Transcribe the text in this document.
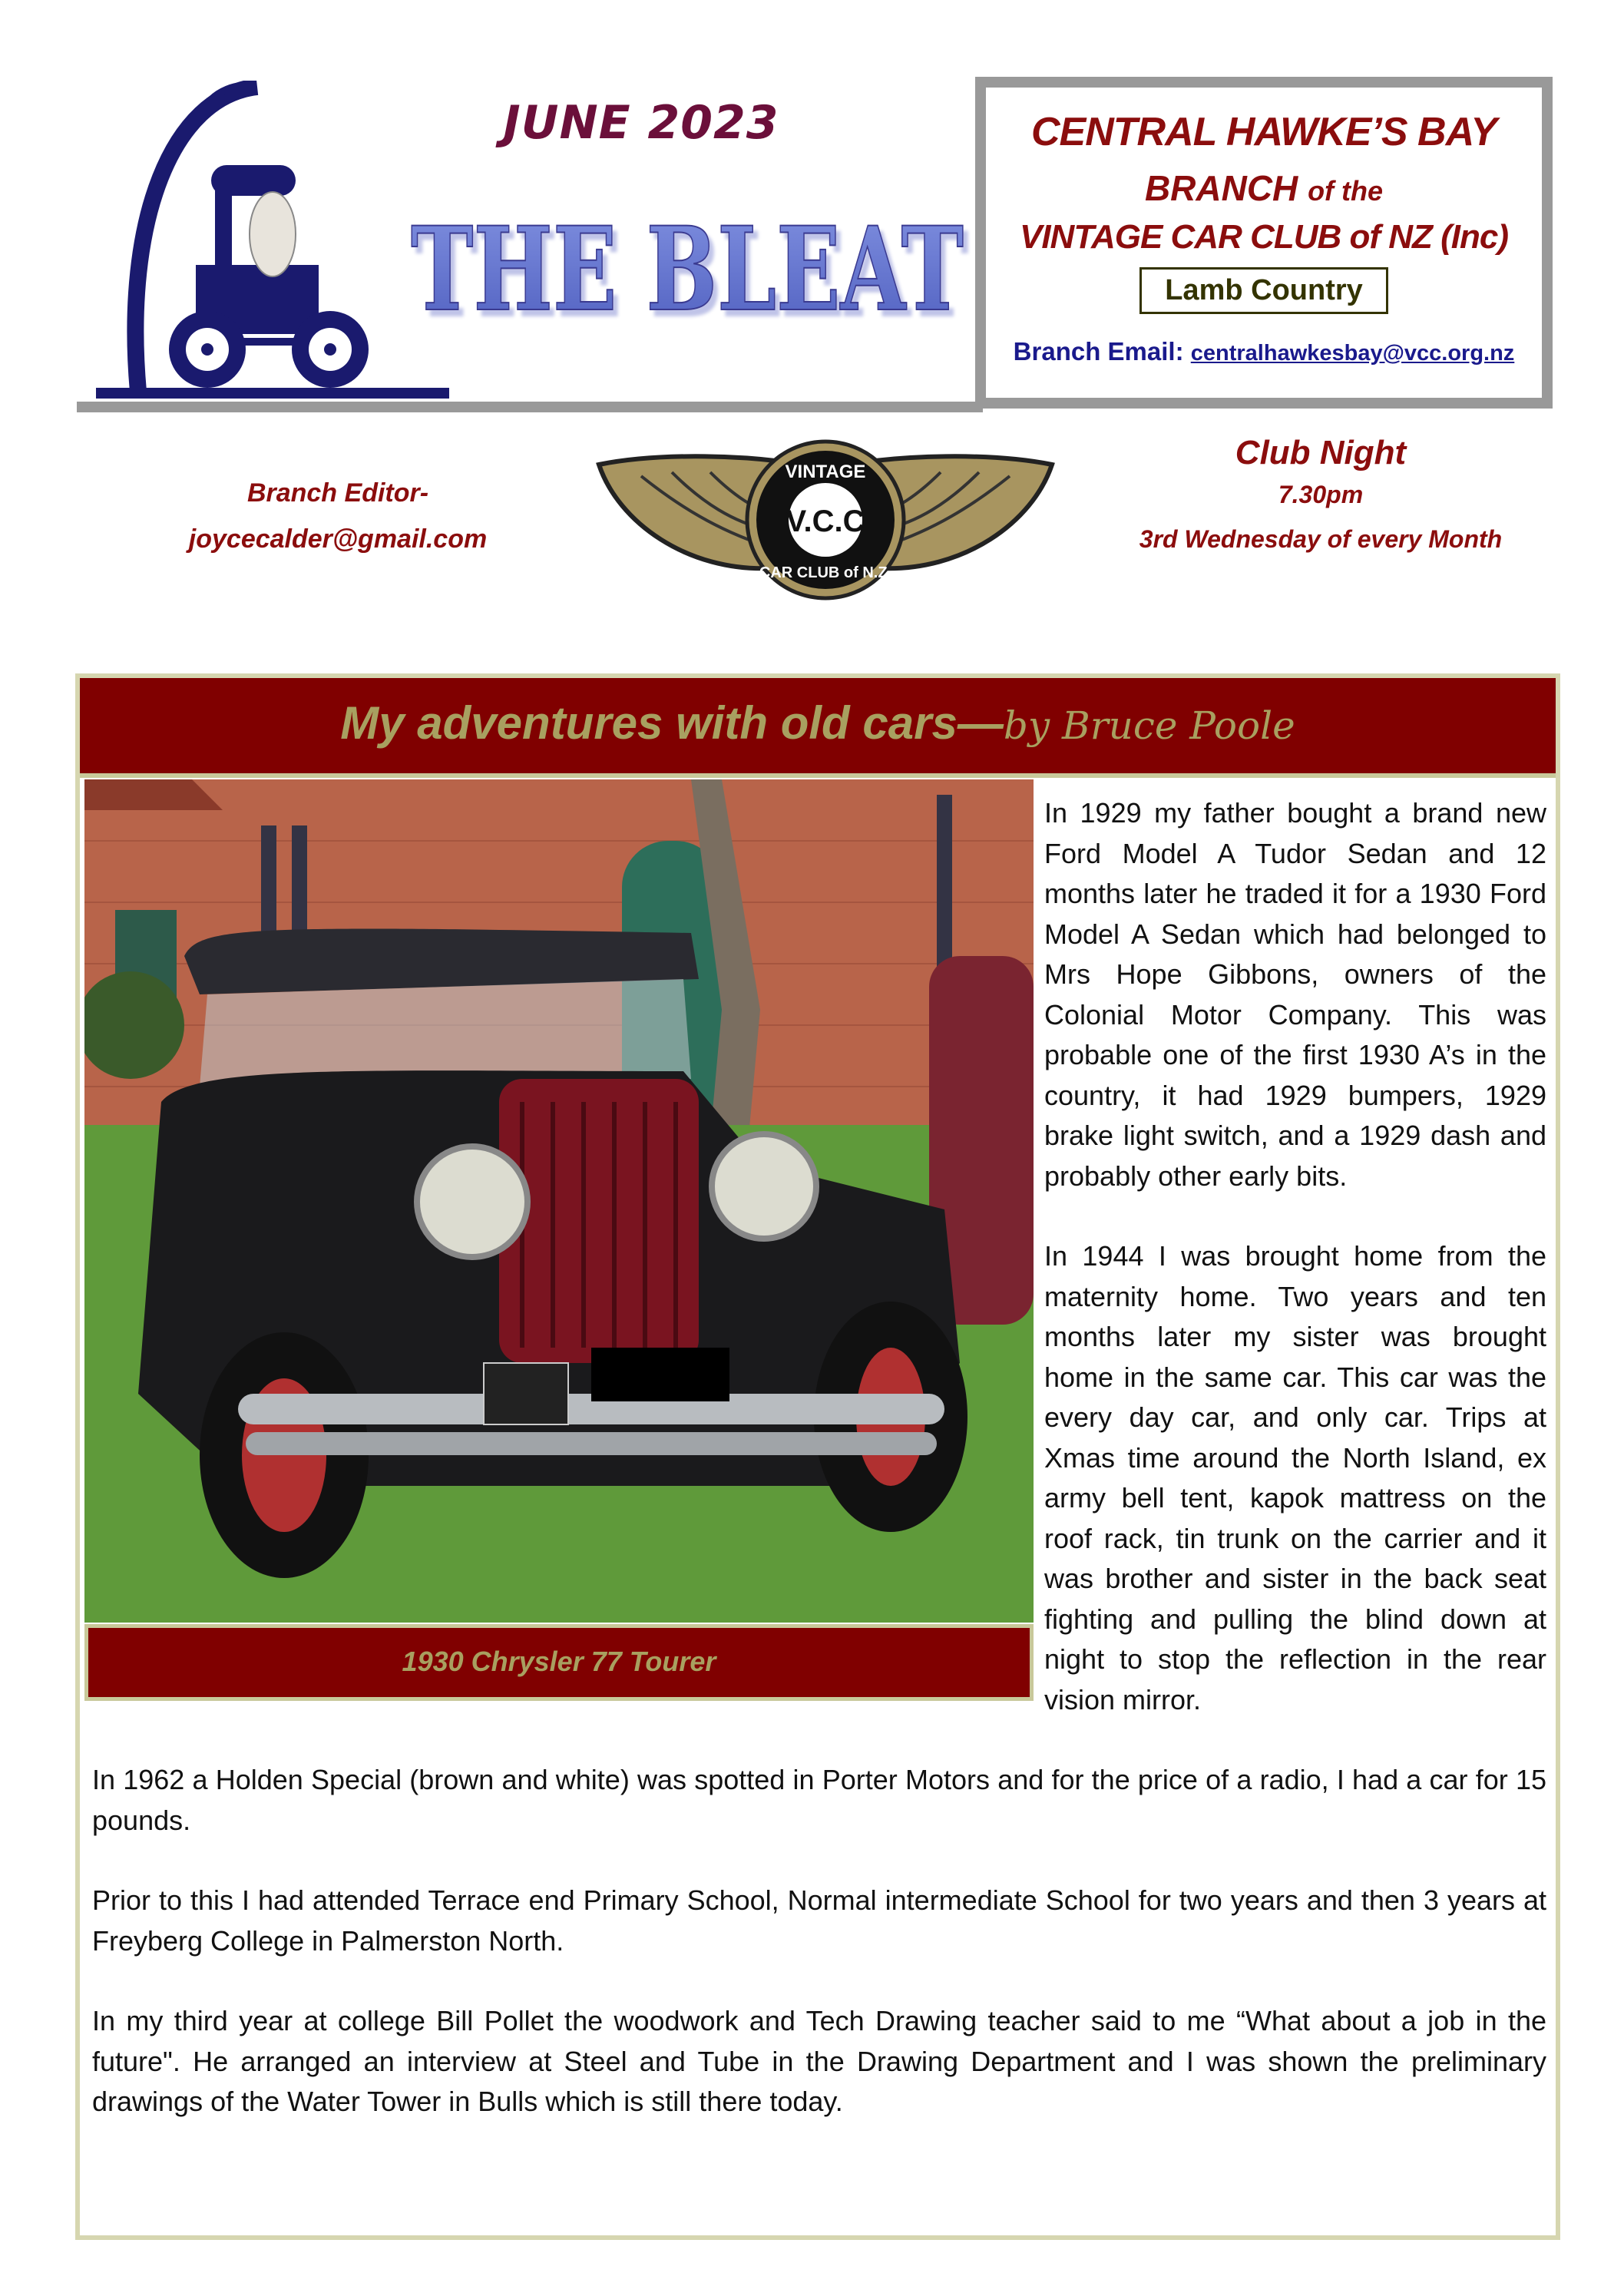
JUNE 2023
THE BLEAT
CENTRAL HAWKE’S BAY
BRANCH of the
VINTAGE CAR CLUB of NZ (Inc)
Lamb Country
Branch Email: centralhawkesbay@vcc.org.nz
Branch Editor-
joycecalder@gmail.com
VINTAGE
V.C.C
CAR CLUB of N.Z.
Club Night
7.30pm
3rd Wednesday of every Month
My adventures with old cars—by Bruce Poole
1930 Chrysler 77 Tourer

In 1929 my father bought a brand new Ford Model A Tudor Sedan and 12 months later he traded it for a 1930 Ford Model A Sedan which had belonged to Mrs Hope Gibbons, owners of the Colonial Motor Company. This was probable one of the first 1930 A’s in the country, it had 1929 bumpers, 1929 brake light switch, and a 1929 dash and probably other early bits.

In 1944 I was brought home from the maternity home. Two years and ten months later my sister was brought home in the same car. This car was the every day car, and only car. Trips at Xmas time around the North Island, ex army bell tent, kapok mattress on the roof rack, tin trunk on the carrier and it was brother and sister in the back seat fighting and pulling the blind down at night to stop the reflection in the rear vision mirror.

In 1962 a Holden Special (brown and white) was spotted in Porter Motors and for the price of a radio, I had a car for 15 pounds.

Prior to this I had attended Terrace end Primary School, Normal intermediate School for two years and then 3 years at Freyberg College in Palmerston North.

In my third year at college Bill Pollet the woodwork and Tech Drawing teacher said to me “What about a job in the future". He arranged an interview at Steel and Tube in the Drawing Department and I was shown the preliminary drawings of the Water Tower in Bulls which is still there today.
